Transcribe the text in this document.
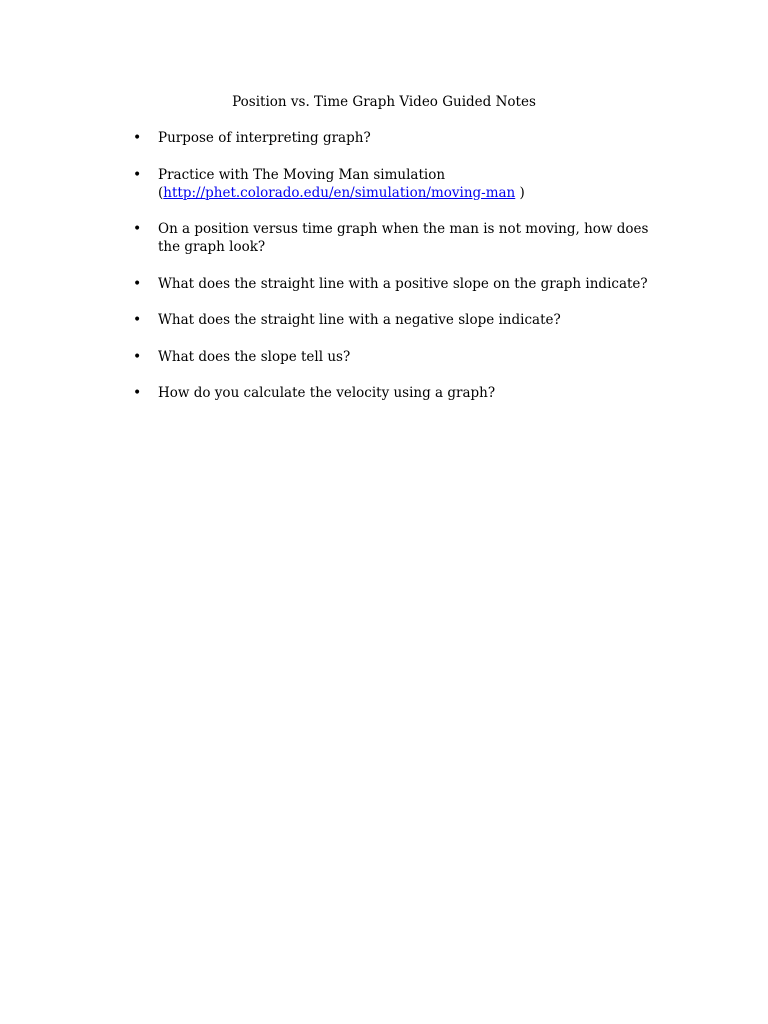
Position vs. Time Graph Video Guided Notes
• Purpose of interpreting graph?
• Practice with The Moving Man simulation
(http://phet.colorado.edu/en/simulation/moving-man )
• On a position versus time graph when the man is not moving, how does the graph look?
• What does the straight line with a positive slope on the graph indicate?
• What does the straight line with a negative slope indicate?
• What does the slope tell us?
• How do you calculate the velocity using a graph?
